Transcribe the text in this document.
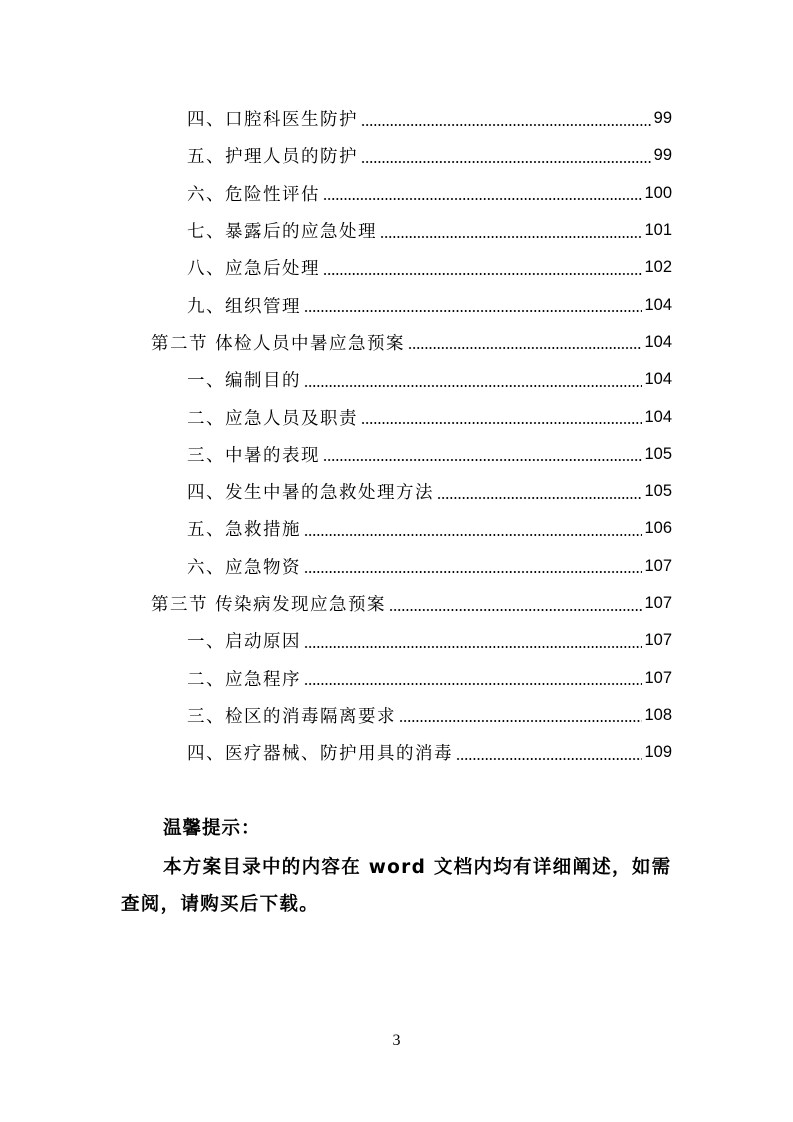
四、口腔科医生防护	99
五、护理人员的防护	99
六、危险性评估	100
七、暴露后的应急处理	101
八、应急后处理	102
九、组织管理	104
第二节 体检人员中暑应急预案	104
一、编制目的	104
二、应急人员及职责	104
三、中暑的表现	105
四、发生中暑的急救处理方法	105
五、急救措施	106
六、应急物资	107
第三节 传染病发现应急预案	107
一、启动原因	107
二、应急程序	107
三、检区的消毒隔离要求	108
四、医疗器械、防护用具的消毒	109
温馨提示：
本方案目录中的内容在 word 文档内均有详细阐述，如需查阅，请购买后下载。
3
